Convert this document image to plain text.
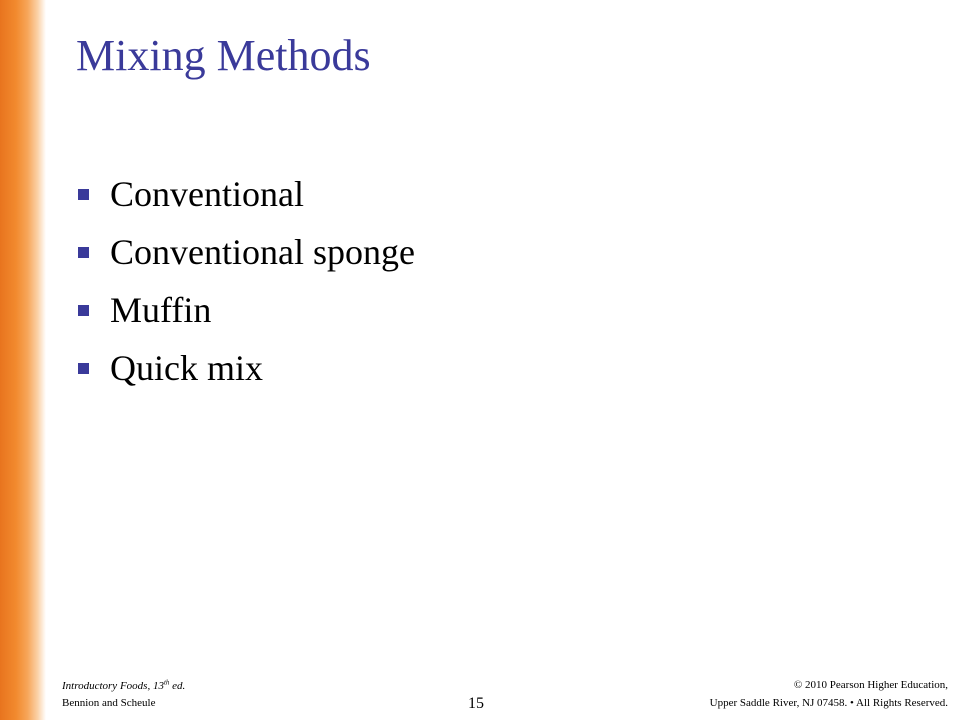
Mixing Methods
Conventional
Conventional sponge
Muffin
Quick mix
Introductory Foods, 13th ed.
Bennion and Scheule	15
© 2010 Pearson Higher Education,
Upper Saddle River, NJ 07458. • All Rights Reserved.
